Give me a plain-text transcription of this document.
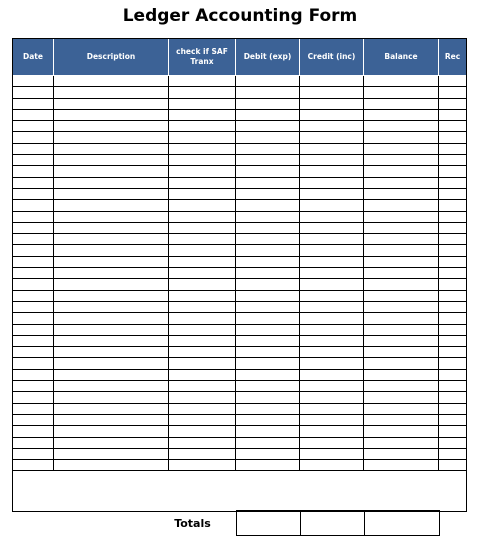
Ledger Accounting Form
Date	Description	check if SAF Tranx	Debit (exp)	Credit (inc)	Balance	Rec

Totals
